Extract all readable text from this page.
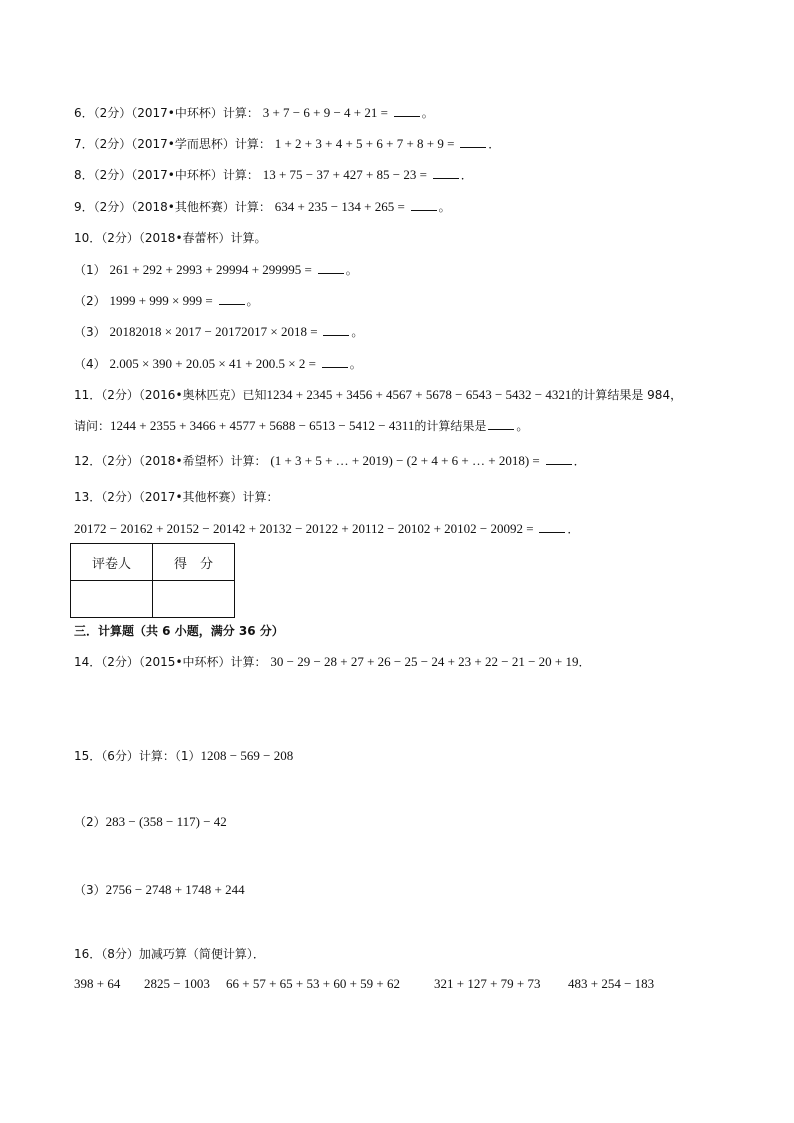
6．（2分）（2017•中环杯）计算： 3 + 7 − 6 + 9 − 4 + 21 =	。
7．（2分）（2017•学而思杯）计算： 1 + 2 + 3 + 4 + 5 + 6 + 7 + 8 + 9 =	．
8．（2分）（2017•中环杯）计算： 13 + 75 − 37 + 427 + 85 − 23 =	．
9．（2分）（2018•其他杯赛）计算： 634 + 235 − 134 + 265 =	。
10．（2分）（2018•春蕾杯）计算。
（1） 261 + 292 + 2993 + 29994 + 299995 =	。
（2） 1999 + 999 × 999 =	。
（3） 20182018 × 2017 − 20172017 × 2018 =	。
（4） 2.005 × 390 + 20.05 × 41 + 200.5 × 2 =	。
11．（2分）（2016•奥林匹克）已知1234 + 2345 + 3456 + 4567 + 5678 − 6543 − 5432 − 4321的计算结果是 984，
请问：1244 + 2355 + 3466 + 4577 + 5688 − 6513 − 5412 − 4311的计算结果是	。
12．（2分）（2018•希望杯）计算： (1 + 3 + 5 + … + 2019) − (2 + 4 + 6 + … + 2018) =	．
13．（2分）（2017•其他杯赛）计算：
20172 − 20162 + 20152 − 20142 + 20132 − 20122 + 20112 − 20102 + 20102 − 20092 =	．
评卷人	得　分

三．计算题（共 6 小题，满分 36 分）
14．（2分）（2015•中环杯）计算： 30 − 29 − 28 + 27 + 26 − 25 − 24 + 23 + 22 − 21 − 20 + 19．
15．（6分）计算：（1）1208 − 569 − 208
（2）283 − (358 − 117) − 42
（3）2756 − 2748 + 1748 + 244
16．（8分）加减巧算（简便计算）．
398 + 64 2825 − 1003 66 + 57 + 65 + 53 + 60 + 59 + 62	321 + 127 + 79 + 73 483 + 254 − 183
